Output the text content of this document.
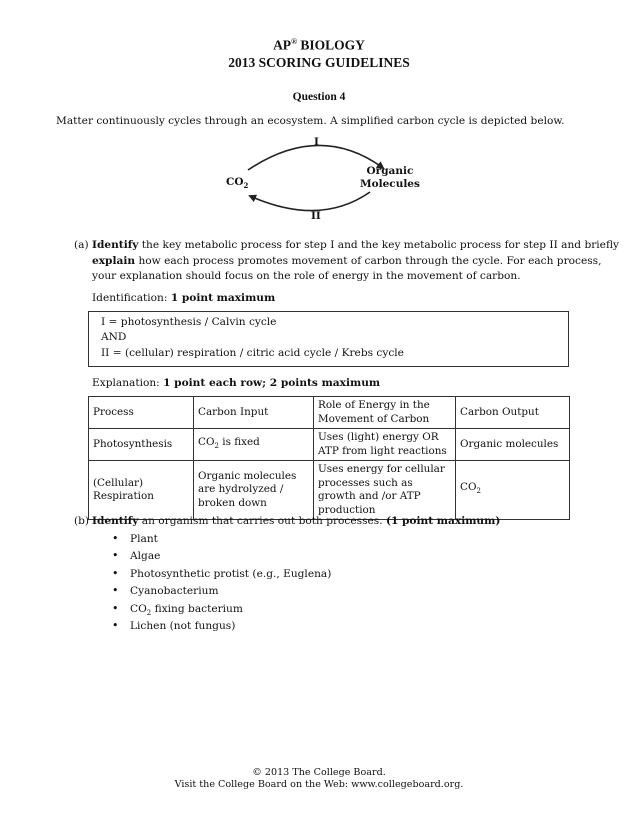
AP® BIOLOGY
2013 SCORING GUIDELINES
Question 4
Matter continuously cycles through an ecosystem. A simplified carbon cycle is depicted below.
I
II
$CO_2$
Organic
Molecules
(a) Identify the key metabolic process for step I and the key metabolic process for step II and briefly
explain how each process promotes movement of carbon through the cycle. For each process,
your explanation should focus on the role of energy in the movement of carbon.
Identification: 1 point maximum
I = photosynthesis / Calvin cycle
AND
II = (cellular) respiration / citric acid cycle / Krebs cycle
Explanation: 1 point each row; 2 points maximum
Process	Carbon Input	Role of Energy in the Movement of Carbon	Carbon Output
Photosynthesis	$CO_2$ is fixed	Uses (light) energy OR ATP from light reactions	Organic molecules

(Cellular)
Respiration	Organic molecules are hydrolyzed / broken down	Uses energy for cellular processes such as growth and /or ATP production	$CO_2$
(b) Identify an organism that carries out both processes. (1 point maximum)
• Plant
• Algae
• Photosynthetic protist (e.g., Euglena)
• Cyanobacterium
• $CO_2$ fixing bacterium
• Lichen (not fungus)
© 2013 The College Board.
Visit the College Board on the Web: www.collegeboard.org.
